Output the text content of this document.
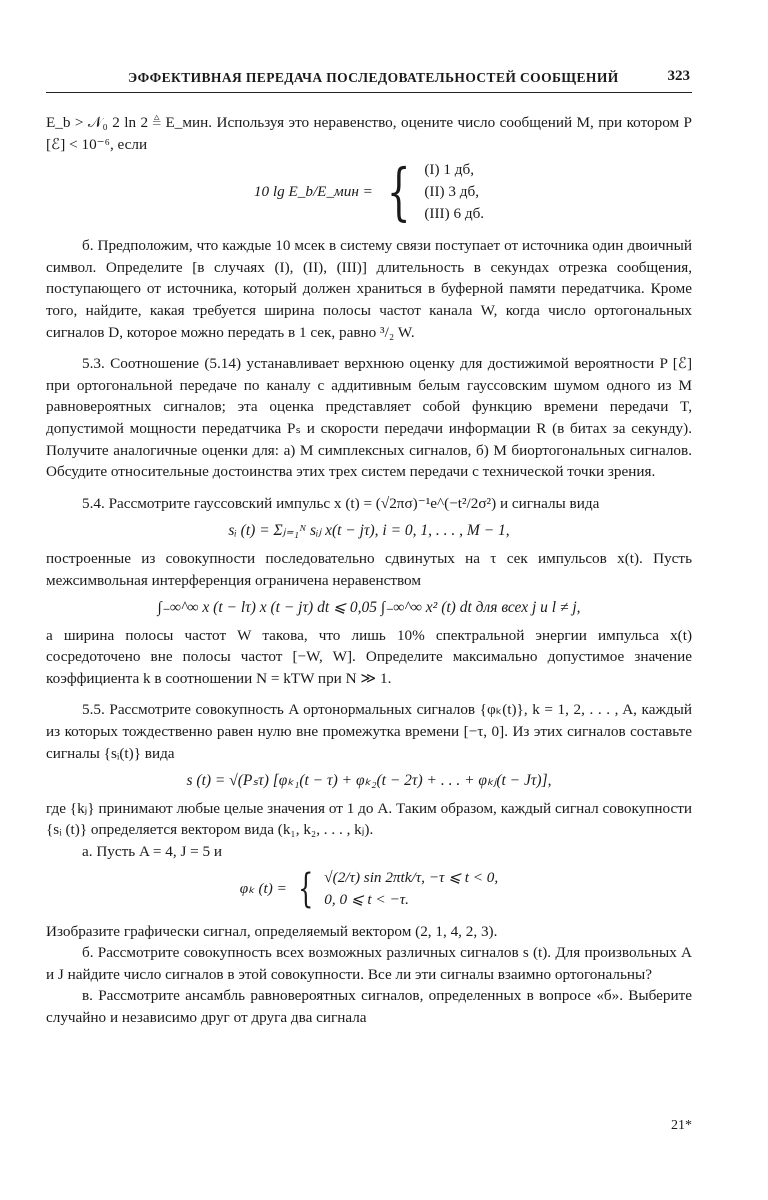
ЭФФЕКТИВНАЯ ПЕРЕДАЧА ПОСЛЕДОВАТЕЛЬНОСТЕЙ СООБЩЕНИЙ	323

E_b > 𝒩₀ 2 ln 2 ≜ E_мин. Используя это неравенство, оцените число сообщений M, при котором P [ℰ] < 10⁻⁶, если

10 lg E_b/E_мин = { (I) 1 дб,
(II) 3 дб,
(III) 6 дб.

б. Предположим, что каждые 10 мсек в систему связи поступает от источника один двоичный символ. Определите [в случаях (I), (II), (III)] длительность в секундах отрезка сообщения, поступающего от источника, который должен храниться в буферной памяти передатчика. Кроме того, найдите, какая требуется ширина полосы частот канала W, когда число ортогональных сигналов D, которое можно передать в 1 сек, равно ³/₂ W.

5.3. Соотношение (5.14) устанавливает верхнюю оценку для достижимой вероятности P [ℰ] при ортогональной передаче по каналу с аддитивным белым гауссовским шумом одного из M равновероятных сигналов; эта оценка представляет собой функцию времени передачи T, допустимой мощности передатчика Pₛ и скорости передачи информации R (в битах за секунду). Получите аналогичные оценки для: а) M симплексных сигналов, б) M биортогональных сигналов. Обсудите относительные достоинства этих трех систем передачи с технической точки зрения.

5.4. Рассмотрите гауссовский импульс x (t) = (√2πσ)⁻¹e^(−t²/2σ²) и сигналы вида

sᵢ (t) = Σⱼ₌₁ᴺ sᵢⱼ x(t − jτ), i = 0, 1, . . . , M − 1,

построенные из совокупности последовательно сдвинутых на τ сек импульсов x(t). Пусть межсимвольная интерференция ограничена неравенством

∫₋∞^∞ x (t − lτ) x (t − jτ) dt ⩽ 0,05 ∫₋∞^∞ x² (t) dt для всех j и l ≠ j,

а ширина полосы частот W такова, что лишь 10% спектральной энергии импульса x(t) сосредоточено вне полосы частот [−W, W]. Определите максимально допустимое значение коэффициента k в соотношении N = kTW при N ≫ 1.

5.5. Рассмотрите совокупность A ортонормальных сигналов {φₖ(t)}, k = 1, 2, . . . , A, каждый из которых тождественно равен нулю вне промежутка времени [−τ, 0]. Из этих сигналов составьте сигналы {sᵢ(t)} вида

s (t) = √(Pₛτ) [φₖ₁(t − τ) + φₖ₂(t − 2τ) + . . . + φₖⱼ(t − Jτ)],

где {kⱼ} принимают любые целые значения от 1 до A. Таким образом, каждый сигнал совокупности {sᵢ (t)} определяется вектором вида (k₁, k₂, . . . , kⱼ).

а. Пусть A = 4, J = 5 и

φₖ (t) = { √(2/τ) sin 2πtk/τ, −τ ⩽ t < 0,
0, 0 ⩽ t < −τ.

Изобразите графически сигнал, определяемый вектором (2, 1, 4, 2, 3).

б. Рассмотрите совокупность всех возможных различных сигналов s (t). Для произвольных A и J найдите число сигналов в этой совокупности. Все ли эти сигналы взаимно ортогональны?

в. Рассмотрите ансамбль равновероятных сигналов, определенных в вопросе «б». Выберите случайно и независимо друг от друга два сигнала

21*
